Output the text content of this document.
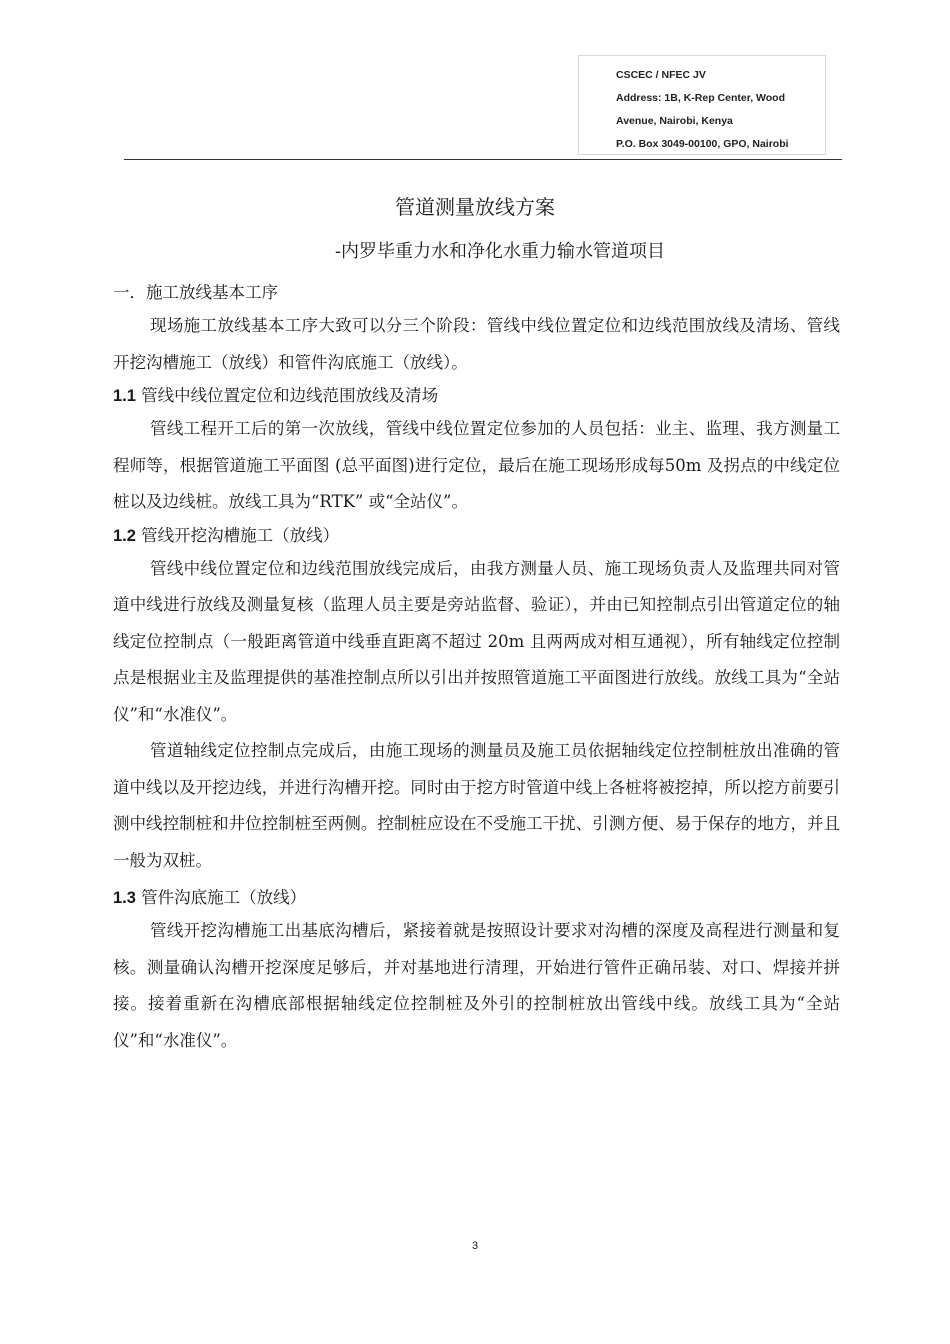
CSCEC / NFEC JV
Address: 1B, K-Rep Center, Wood
Avenue, Nairobi, Kenya
P.O. Box 3049-00100, GPO, Nairobi
管道测量放线方案
-内罗毕重力水和净化水重力输水管道项目

一．施工放线基本工序

现场施工放线基本工序大致可以分三个阶段：管线中线位置定位和边线范围放线及清场、管线开挖沟槽施工（放线）和管件沟底施工（放线）。

1.1 管线中线位置定位和边线范围放线及清场

管线工程开工后的第一次放线，管线中线位置定位参加的人员包括：业主、监理、我方测量工程师等，根据管道施工平面图 (总平面图)进行定位，最后在施工现场形成每50m 及拐点的中线定位桩以及边线桩。放线工具为“RTK” 或“全站仪”。

1.2 管线开挖沟槽施工（放线）

管线中线位置定位和边线范围放线完成后，由我方测量人员、施工现场负责人及监理共同对管道中线进行放线及测量复核（监理人员主要是旁站监督、验证），并由已知控制点引出管道定位的轴线定位控制点（一般距离管道中线垂直距离不超过 20m 且两两成对相互通视），所有轴线定位控制点是根据业主及监理提供的基准控制点所以引出并按照管道施工平面图进行放线。放线工具为“全站仪”和“水准仪”。

管道轴线定位控制点完成后，由施工现场的测量员及施工员依据轴线定位控制桩放出准确的管道中线以及开挖边线，并进行沟槽开挖。同时由于挖方时管道中线上各桩将被挖掉，所以挖方前要引测中线控制桩和井位控制桩至两侧。控制桩应设在不受施工干扰、引测方便、易于保存的地方，并且一般为双桩。

1.3 管件沟底施工（放线）

管线开挖沟槽施工出基底沟槽后，紧接着就是按照设计要求对沟槽的深度及高程进行测量和复核。测量确认沟槽开挖深度足够后，并对基地进行清理，开始进行管件正确吊装、对口、焊接并拼接。接着重新在沟槽底部根据轴线定位控制桩及外引的控制桩放出管线中线。放线工具为“全站仪”和“水准仪”。

3
